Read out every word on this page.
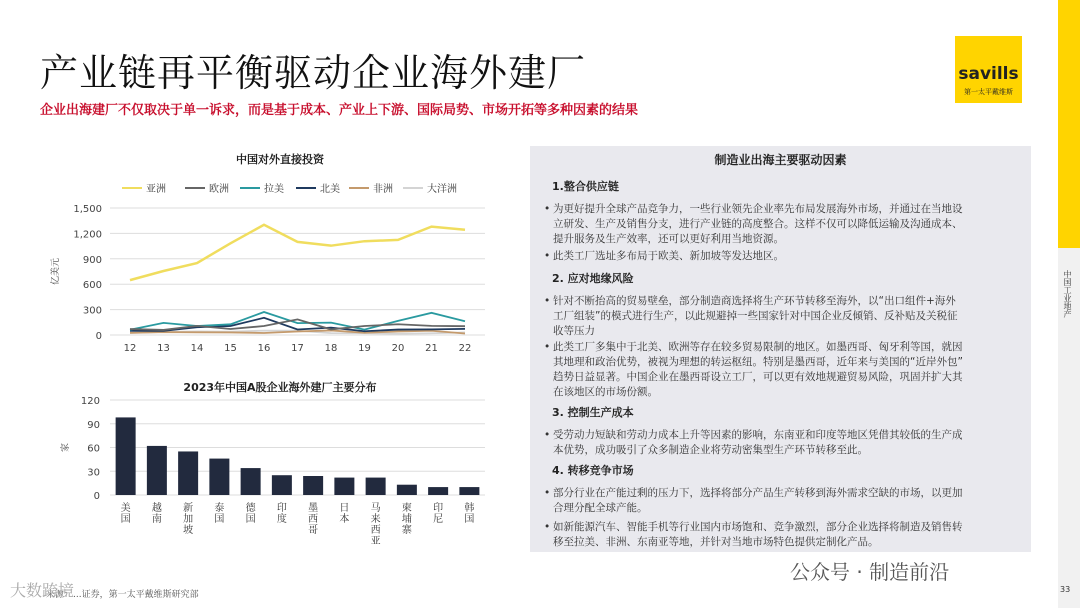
产业链再平衡驱动企业海外建厂
企业出海建厂不仅取决于单一诉求，而是基于成本、产业上下游、国际局势、市场开拓等多种因素的结果
savills
第一太平戴维斯
中国工业地产
33
中国对外直接投资
亚洲	欧洲	拉美	北美	非洲	大洋洲
0
300
600
900
1,200
1,500
亿美元
12 13 14 15 16 17 18 19 20 21 22
2023年中国A股企业海外建厂主要分布
0
30
60
90
120
家
美国
越南
新加坡
泰国
德国
印度
墨西哥
日本
马来西亚
柬埔寨
印尼
韩国
制造业出海主要驱动因素
1.整合供应链
• 为更好提升全球产品竞争力，一些行业领先企业率先布局发展海外市场，并通过在当地设
立研发、生产及销售分支，进行产业链的高度整合。这样不仅可以降低运输及沟通成本、
提升服务及生产效率，还可以更好利用当地资源。
• 此类工厂选址多布局于欧美、新加坡等发达地区。
2. 应对地缘风险
• 针对不断抬高的贸易壁垒，部分制造商选择将生产环节转移至海外，以“出口组件+海外
工厂组装”的模式进行生产，以此规避掉一些国家针对中国企业反倾销、反补贴及关税征
收等压力
• 此类工厂多集中于北美、欧洲等存在较多贸易限制的地区。如墨西哥、匈牙利等国，就因
其地理和政治优势，被视为理想的转运枢纽。特别是墨西哥，近年来与美国的“近岸外包”
趋势日益显著。中国企业在墨西哥设立工厂，可以更有效地规避贸易风险，巩固并扩大其
在该地区的市场份额。
3. 控制生产成本
• 受劳动力短缺和劳动力成本上升等因素的影响，东南亚和印度等地区凭借其较低的生产成
本优势，成功吸引了众多制造企业将劳动密集型生产环节转移至此。
4. 转移竞争市场
• 部分行业在产能过剩的压力下，选择将部分产品生产转移到海外需求空缺的市场，以更加
合理分配全球产能。
• 如新能源汽车、智能手机等行业国内市场饱和、竞争激烈，部分企业选择将制造及销售转
移至拉美、非洲、东南亚等地，并针对当地市场特色提供定制化产品。
来源：...证券，第一太平戴维斯研究部
大数跨境
公众号 · 制造前沿
